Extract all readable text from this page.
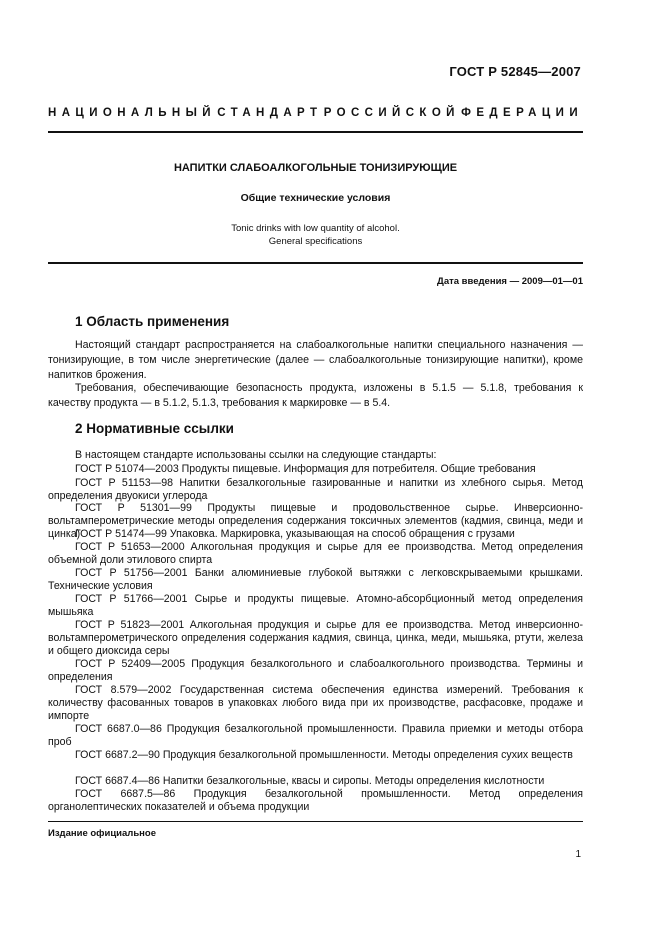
ГОСТ Р 52845—2007
НАЦИОНАЛЬНЫЙ СТАНДАРТ РОССИЙСКОЙ ФЕДЕРАЦИИ
НАПИТКИ СЛАБОАЛКОГОЛЬНЫЕ ТОНИЗИРУЮЩИЕ
Общие технические условия
Tonic drinks with low quantity of alcohol.
General specifications
Дата введения — 2009—01—01
1 Область применения

Настоящий стандарт распространяется на слабоалкогольные напитки специального назначения — тонизирующие, в том числе энергетические (далее — слабоалкогольные тонизирующие напитки), кроме напитков брожения.

Требования, обеспечивающие безопасность продукта, изложены в 5.1.5 — 5.1.8, требования к качеству продукта — в 5.1.2, 5.1.3, требования к маркировке — в 5.4.

2 Нормативные ссылки

В настоящем стандарте использованы ссылки на следующие стандарты:

ГОСТ Р 51074—2003 Продукты пищевые. Информация для потребителя. Общие требования

ГОСТ Р 51153—98 Напитки безалкогольные газированные и напитки из хлебного сырья. Метод определения двуокиси углерода

ГОСТ Р 51301—99 Продукты пищевые и продовольственное сырье. Инверсионно-вольтамперометрические методы определения содержания токсичных элементов (кадмия, свинца, меди и цинка)

ГОСТ Р 51474—99 Упаковка. Маркировка, указывающая на способ обращения с грузами

ГОСТ Р 51653—2000 Алкогольная продукция и сырье для ее производства. Метод определения объемной доли этилового спирта

ГОСТ Р 51756—2001 Банки алюминиевые глубокой вытяжки с легковскрываемыми крышками. Технические условия

ГОСТ Р 51766—2001 Сырье и продукты пищевые. Атомно-абсорбционный метод определения мышьяка

ГОСТ Р 51823—2001 Алкогольная продукция и сырье для ее производства. Метод инверсионно-вольтамперометрического определения содержания кадмия, свинца, цинка, меди, мышьяка, ртути, железа и общего диоксида серы

ГОСТ Р 52409—2005 Продукция безалкогольного и слабоалкогольного производства. Термины и определения

ГОСТ 8.579—2002 Государственная система обеспечения единства измерений. Требования к количеству фасованных товаров в упаковках любого вида при их производстве, расфасовке, продаже и импорте

ГОСТ 6687.0—86 Продукция безалкогольной промышленности. Правила приемки и методы отбора проб

ГОСТ 6687.2—90 Продукция безалкогольной промышленности. Методы определения сухих веществ

ГОСТ 6687.4—86 Напитки безалкогольные, квасы и сиропы. Методы определения кислотности

ГОСТ 6687.5—86 Продукция безалкогольной промышленности. Метод определения органолептических показателей и объема продукции

Издание официальное
1
